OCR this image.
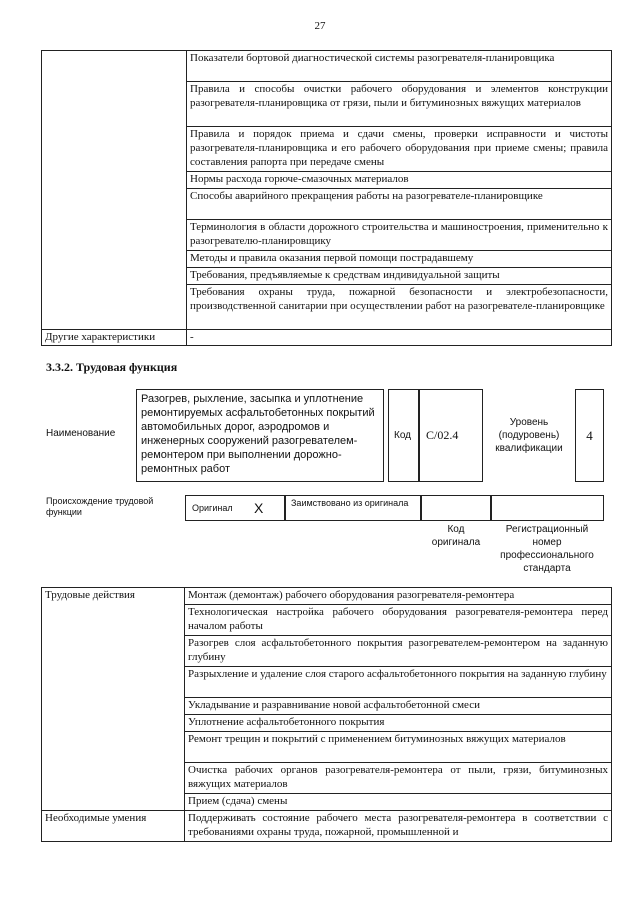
27
	Показатели бортовой диагностической системы разогревателя-планировщика
	Правила и способы очистки рабочего оборудования и элементов конструкции разогревателя-планировщика от грязи, пыли и битуминозных вяжущих материалов
	Правила и порядок приема и сдачи смены, проверки исправности и чистоты разогревателя-планировщика и его рабочего оборудования при приеме смены; правила составления рапорта при передаче смены
	Нормы расхода горюче-смазочных материалов
	Способы аварийного прекращения работы на разогревателе-планировщике
	Терминология в области дорожного строительства и машиностроения, применительно к разогревателю-планировщику
	Методы и правила оказания первой помощи пострадавшему
	Требования, предъявляемые к средствам индивидуальной защиты
	Требования охраны труда, пожарной безопасности и электробезопасности, производственной санитарии при осуществлении работ на разогревателе-планировщике
Другие характеристики	-
3.3.2. Трудовая функция
Наименование
Разогрев, рыхление, засыпка и уплотнение ремонтируемых асфальтобетонных покрытий автомобильных дорог, аэродромов и инженерных сооружений разогревателем-ремонтером при выполнении дорожно-ремонтных работ
Код C/02.4
Уровень (подуровень) квалификации
4
Происхождение трудовой функции	Оригинал X	Заимствовано из оригинала
Код оригинала
Регистрационный номер профессионального стандарта
Трудовые действия	Монтаж (демонтаж) рабочего оборудования разогревателя-ремонтера
	Технологическая настройка рабочего оборудования разогревателя-ремонтера перед началом работы
	Разогрев слоя асфальтобетонного покрытия разогревателем-ремонтером на заданную глубину
	Разрыхление и удаление слоя старого асфальтобетонного покрытия на заданную глубину
	Укладывание и разравнивание новой асфальтобетонной смеси
	Уплотнение асфальтобетонного покрытия
	Ремонт трещин и покрытий с применением битуминозных вяжущих материалов
	Очистка рабочих органов разогревателя-ремонтера от пыли, грязи, битуминозных вяжущих материалов
	Прием (сдача) смены
Необходимые умения	Поддерживать состояние рабочего места разогревателя-ремонтера в соответствии с требованиями охраны труда, пожарной, промышленной и
